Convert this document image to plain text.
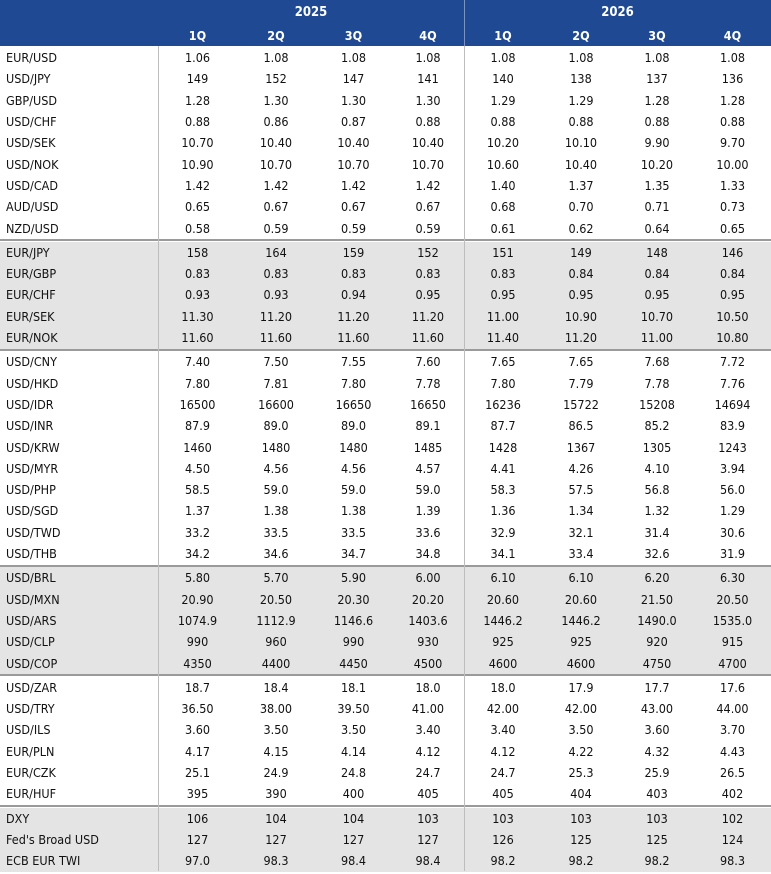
2025	2026
1Q	2Q	3Q	4Q	1Q	2Q	3Q	4Q
EUR/USD	1.06	1.08	1.08	1.08	1.08	1.08	1.08	1.08
USD/JPY	149	152	147	141	140	138	137	136
GBP/USD	1.28	1.30	1.30	1.30	1.29	1.29	1.28	1.28
USD/CHF	0.88	0.86	0.87	0.88	0.88	0.88	0.88	0.88
USD/SEK	10.70	10.40	10.40	10.40	10.20	10.10	9.90	9.70
USD/NOK	10.90	10.70	10.70	10.70	10.60	10.40	10.20	10.00
USD/CAD	1.42	1.42	1.42	1.42	1.40	1.37	1.35	1.33
AUD/USD	0.65	0.67	0.67	0.67	0.68	0.70	0.71	0.73
NZD/USD	0.58	0.59	0.59	0.59	0.61	0.62	0.64	0.65
EUR/JPY	158	164	159	152	151	149	148	146
EUR/GBP	0.83	0.83	0.83	0.83	0.83	0.84	0.84	0.84
EUR/CHF	0.93	0.93	0.94	0.95	0.95	0.95	0.95	0.95
EUR/SEK	11.30	11.20	11.20	11.20	11.00	10.90	10.70	10.50
EUR/NOK	11.60	11.60	11.60	11.60	11.40	11.20	11.00	10.80
USD/CNY	7.40	7.50	7.55	7.60	7.65	7.65	7.68	7.72
USD/HKD	7.80	7.81	7.80	7.78	7.80	7.79	7.78	7.76
USD/IDR	16500	16600	16650	16650	16236	15722	15208	14694
USD/INR	87.9	89.0	89.0	89.1	87.7	86.5	85.2	83.9
USD/KRW	1460	1480	1480	1485	1428	1367	1305	1243
USD/MYR	4.50	4.56	4.56	4.57	4.41	4.26	4.10	3.94
USD/PHP	58.5	59.0	59.0	59.0	58.3	57.5	56.8	56.0
USD/SGD	1.37	1.38	1.38	1.39	1.36	1.34	1.32	1.29
USD/TWD	33.2	33.5	33.5	33.6	32.9	32.1	31.4	30.6
USD/THB	34.2	34.6	34.7	34.8	34.1	33.4	32.6	31.9
USD/BRL	5.80	5.70	5.90	6.00	6.10	6.10	6.20	6.30
USD/MXN	20.90	20.50	20.30	20.20	20.60	20.60	21.50	20.50
USD/ARS	1074.9	1112.9	1146.6	1403.6	1446.2	1446.2	1490.0	1535.0
USD/CLP	990	960	990	930	925	925	920	915
USD/COP	4350	4400	4450	4500	4600	4600	4750	4700
USD/ZAR	18.7	18.4	18.1	18.0	18.0	17.9	17.7	17.6
USD/TRY	36.50	38.00	39.50	41.00	42.00	42.00	43.00	44.00
USD/ILS	3.60	3.50	3.50	3.40	3.40	3.50	3.60	3.70
EUR/PLN	4.17	4.15	4.14	4.12	4.12	4.22	4.32	4.43
EUR/CZK	25.1	24.9	24.8	24.7	24.7	25.3	25.9	26.5
EUR/HUF	395	390	400	405	405	404	403	402
DXY	106	104	104	103	103	103	103	102
Fed's Broad USD	127	127	127	127	126	125	125	124
ECB EUR TWI	97.0	98.3	98.4	98.4	98.2	98.2	98.2	98.3
